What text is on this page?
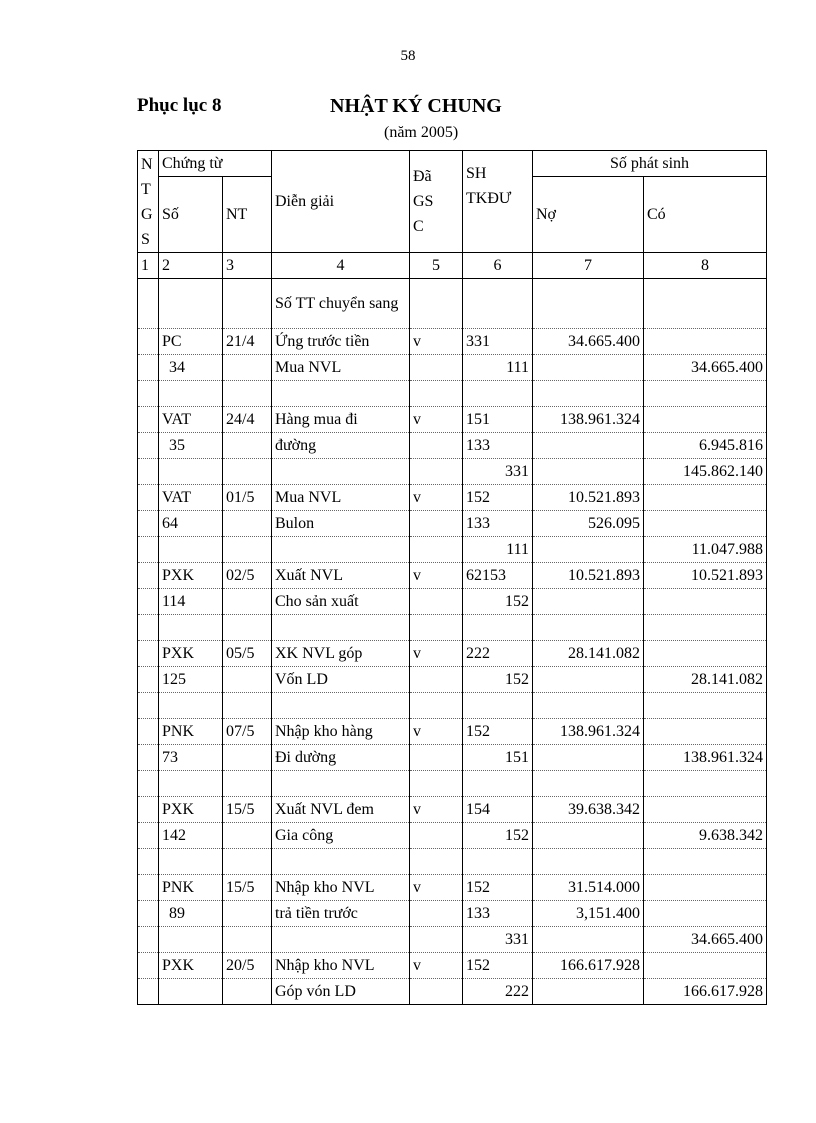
58
Phục lục 8	NHẬT KÝ CHUNG
(năm 2005)
N
T
G
S	Chứng từ		Diễn giải	Đã
GS
C	SH
TKĐƯ	Số phát sinh	
	Số	NT				Nợ	Có
1	2	3	4	5	6	7	8
			Số TT chuyển sang				
	PC	21/4	Ứng trước tiền	v	331	34.665.400	
	34		Mua NVL		111		34.665.400

	VAT	24/4	Hàng mua đi	v	151	138.961.324	
	35		đường		133		6.945.816
					331		145.862.140
	VAT	01/5	Mua NVL	v	152	10.521.893	
	64		Bulon		133	526.095	
					111		11.047.988
	PXK	02/5	Xuất NVL	v	62153	10.521.893	10.521.893
	114		Cho sản xuất		152		

	PXK	05/5	XK NVL góp	v	222	28.141.082	
	125		Vốn LD		152		28.141.082

	PNK	07/5	Nhập kho hàng	v	152	138.961.324	
	73		Đi dường		151		138.961.324

	PXK	15/5	Xuất NVL đem	v	154	39.638.342	
	142		Gia công		152		9.638.342

	PNK	15/5	Nhập kho NVL	v	152	31.514.000	
	89		trả tiền trước		133	3,151.400	
					331		34.665.400
	PXK	20/5	Nhập kho NVL	v	152	166.617.928	
			Góp vón LD		222		166.617.928
